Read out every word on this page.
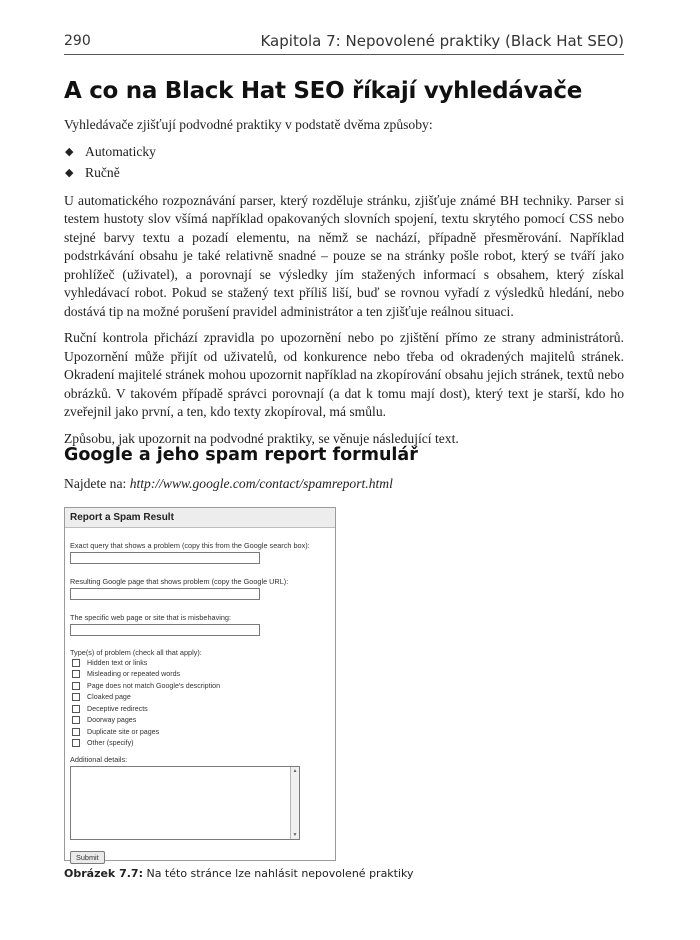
290	Kapitola 7: Nepovolené praktiky (Black Hat SEO)
A co na Black Hat SEO říkají vyhledávače

Vyhledávače zjišťují podvodné praktiky v podstatě dvěma způsoby:

◆ Automaticky
◆ Ručně

U automatického rozpoznávání parser, který rozděluje stránku, zjišťuje známé BH techniky. Parser si testem hustoty slov všímá například opakovaných slovních spojení, textu skrytého pomocí CSS nebo stejné barvy textu a pozadí elementu, na němž se nachází, případně přesměrování. Například podstrkávání obsahu je také relativně snadné – pouze se na stránky pošle robot, který se tváří jako prohlížeč (uživatel), a porovnají se výsledky jím stažených informací s obsahem, který získal vyhledávací robot. Pokud se stažený text příliš liší, buď se rovnou vyřadí z výsledků hledání, nebo dostává tip na možné porušení pravidel administrátor a ten zjišťuje reálnou situaci.

Ruční kontrola přichází zpravidla po upozornění nebo po zjištění přímo ze strany administrátorů. Upozornění může přijít od uživatelů, od konkurence nebo třeba od okradených majitelů stránek. Okradení majitelé stránek mohou upozornit například na zkopírování obsahu jejich stránek, textů nebo obrázků. V takovém případě správci porovnají (a dat k tomu mají dost), který text je starší, kdo ho zveřejnil jako první, a ten, kdo texty zkopíroval, má smůlu.

Způsobu, jak upozornit na podvodné praktiky, se věnuje následující text.

Google a jeho spam report formulář
Najdete na: http://www.google.com/contact/spamreport.html
Report a Spam Result
Exact query that shows a problem (copy this from the Google search box):
Resulting Google page that shows problem (copy the Google URL):
The specific web page or site that is misbehaving:
Type(s) of problem (check all that apply):
Hidden text or links
Misleading or repeated words
Page does not match Google's description
Cloaked page
Deceptive redirects
Doorway pages
Duplicate site or pages
Other (specify)
Additional details:
▲
▼
Submit
Obrázek 7.7: Na této stránce lze nahlásit nepovolené praktiky
